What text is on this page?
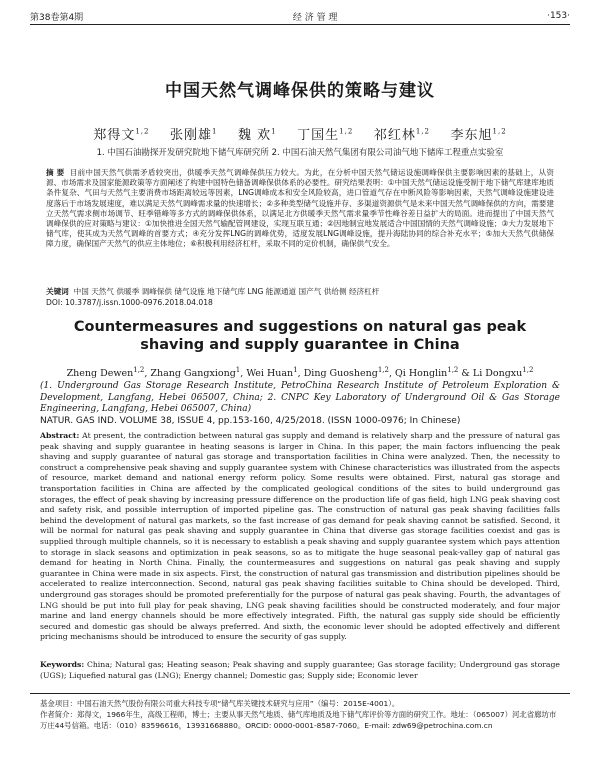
第38卷第4期	经 济 管 理	·153·
中国天然气调峰保供的策略与建议
郑得文$^{1,2}$ 张刚雄$^1$ 魏 欢$^1$ 丁国生$^{1,2}$ 祁红林$^{1,2}$ 李东旭$^{1,2}$
1. 中国石油勘探开发研究院地下储气库研究所 2. 中国石油天然气集团有限公司油气地下储库工程重点实验室
摘 要 目前中国天然气供需矛盾较突出，供暖季天然气调峰保供压力较大。为此，在分析中国天然气储运设施调峰保供主要影响因素的基础上，从资源、市场需求及国家能源政策等方面阐述了构建中国特色储备调峰保供体系的必要性。研究结果表明：①中国天然气储运设施受制于地下储气库建库地质条件复杂、气田与天然气主要消费市场距离较远等因素，LNG调峰成本和安全风险较高，进口管道气存在中断风险等影响因素，天然气调峰设施建设进度落后于市场发展速度，难以满足天然气调峰需求量的快速增长；②多种类型储气设施并存、多渠道资源供气是未来中国天然气调峰保供的方向，需要建立天然气需求侧市场调节、旺季错峰等多方式的调峰保供体系，以满足北方供暖季天然气需求量季节性峰谷差日益扩大的局面。进而提出了中国天然气调峰保供的应对策略与建议：①加快推进全国天然气输配管网建设，实现互联互通；②因地制宜地发展适合中国国情的天然气调峰设施；③大力发展地下储气库，使其成为天然气调峰的首要方式；④充分发挥LNG的调峰优势，适度发展LNG调峰设施，提升海陆协同的综合补充水平；⑤加大天然气供储保障力度，确保国产天然气的供应主体地位；⑥积极利用经济杠杆，采取不同的定价机制，确保供气安全。
关键词 中国 天然气 供暖季 调峰保供 储气设施 地下储气库 LNG 能源通道 国产气 供给侧 经济杠杆
DOI: 10.3787/j.issn.1000-0976.2018.04.018
Countermeasures and suggestions on natural gas peak shaving and supply guarantee in China
Zheng Dewen$^{1,2}$, Zhang Gangxiong$^1$, Wei Huan$^1$, Ding Guosheng$^{1,2}$, Qi Honglin$^{1,2}$ & Li Dongxu$^{1,2}$
(1. Underground Gas Storage Research Institute, PetroChina Research Institute of Petroleum Exploration & Development, Langfang, Hebei 065007, China; 2. CNPC Key Laboratory of Underground Oil & Gas Storage Engineering, Langfang, Hebei 065007, China)
NATUR. GAS IND. VOLUME 38, ISSUE 4, pp.153-160, 4/25/2018. (ISSN 1000-0976; In Chinese)
Abstract: At present, the contradiction between natural gas supply and demand is relatively sharp and the pressure of natural gas peak shaving and supply guarantee in heating seasons is larger in China. In this paper, the main factors influencing the peak shaving and supply guarantee of natural gas storage and transportation facilities in China were analyzed. Then, the necessity to construct a comprehensive peak shaving and supply guarantee system with Chinese characteristics was illustrated from the aspects of resource, market demand and national energy reform policy. Some results were obtained. First, natural gas storage and transportation facilities in China are affected by the complicated geological conditions of the sites to build underground gas storages, the effect of peak shaving by increasing pressure difference on the production life of gas field, high LNG peak shaving cost and safety risk, and possible interruption of imported pipeline gas. The construction of natural gas peak shaving facilities falls behind the development of natural gas markets, so the fast increase of gas demand for peak shaving cannot be satisfied. Second, it will be normal for natural gas peak shaving and supply guarantee in China that diverse gas storage facilities coexist and gas is supplied through multiple channels, so it is necessary to establish a peak shaving and supply guarantee system which pays attention to storage in slack seasons and optimization in peak seasons, so as to mitigate the huge seasonal peak-valley gap of natural gas demand for heating in North China. Finally, the countermeasures and suggestions on natural gas peak shaving and supply guarantee in China were made in six aspects. First, the construction of natural gas transmission and distribution pipelines should be accelerated to realize interconnection. Second, natural gas peak shaving facilities suitable to China should be developed. Third, underground gas storages should be promoted preferentially for the purpose of natural gas peak shaving. Fourth, the advantages of LNG should be put into full play for peak shaving, LNG peak shaving facilities should be constructed moderately, and four major marine and land energy channels should be more effectively integrated. Fifth, the natural gas supply side should be efficiently secured and domestic gas should be always preferred. And sixth, the economic lever should be adopted effectively and different pricing mechanisms should be introduced to ensure the security of gas supply.
Keywords: China; Natural gas; Heating season; Peak shaving and supply guarantee; Gas storage facility; Underground gas storage (UGS); Liquefied natural gas (LNG); Energy channel; Domestic gas; Supply side; Economic lever

基金项目：中国石油天然气股份有限公司重大科技专项“储气库关键技术研究与应用”（编号：2015E-4001）。

作者简介：郑得文，1966年生，高级工程师，博士；主要从事天然气地质、储气库地质及地下储气库评价等方面的研究工作。地址：（065007）河北省廊坊市万庄44号信箱。电话：（010）83596616，13931668880。ORCID: 0000-0001-8587-7060。E-mail: zdw69@petrochina.com.cn
